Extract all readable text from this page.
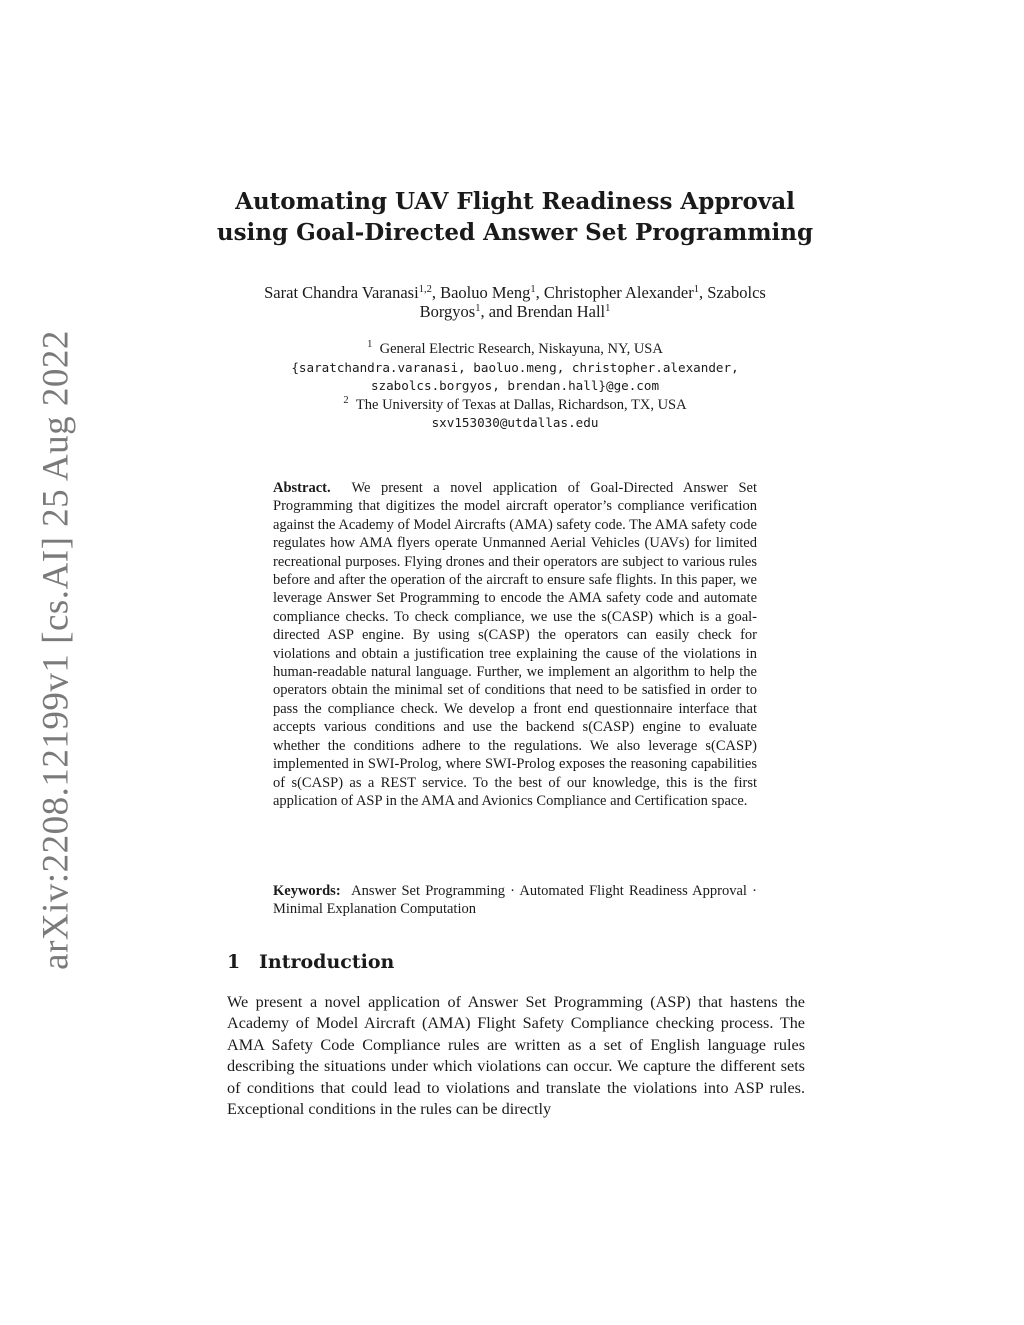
arXiv:2208.12199v1 [cs.AI] 25 Aug 2022
Automating UAV Flight Readiness Approval
using Goal-Directed Answer Set Programming
Sarat Chandra Varanasi$^{1,2}$, Baoluo Meng$^1$, Christopher Alexander$^1$, Szabolcs
Borgyos$^1$, and Brendan Hall$^1$
$^1$ General Electric Research, Niskayuna, NY, USA
{saratchandra.varanasi, baoluo.meng, christopher.alexander,
szabolcs.borgyos, brendan.hall}@ge.com
$^2$ The University of Texas at Dallas, Richardson, TX, USA
sxv153030@utdallas.edu

Abstract. We present a novel application of Goal-Directed Answer Set Programming that digitizes the model aircraft operator’s compliance verification against the Academy of Model Aircrafts (AMA) safety code. The AMA safety code regulates how AMA flyers operate Unmanned Aerial Vehicles (UAVs) for limited recreational purposes. Flying drones and their operators are subject to various rules before and after the operation of the aircraft to ensure safe flights. In this paper, we leverage Answer Set Programming to encode the AMA safety code and automate compliance checks. To check compliance, we use the s(CASP) which is a goal-directed ASP engine. By using s(CASP) the operators can easily check for violations and obtain a justification tree explaining the cause of the violations in human-readable natural language. Further, we implement an algorithm to help the operators obtain the minimal set of conditions that need to be satisfied in order to pass the compliance check. We develop a front end questionnaire interface that accepts various conditions and use the backend s(CASP) engine to evaluate whether the conditions adhere to the regulations. We also leverage s(CASP) implemented in SWI-Prolog, where SWI-Prolog exposes the reasoning capabilities of s(CASP) as a REST service. To the best of our knowledge, this is the first application of ASP in the AMA and Avionics Compliance and Certification space.

Keywords: Answer Set Programming · Automated Flight Readiness Approval · Minimal Explanation Computation

1 Introduction

We present a novel application of Answer Set Programming (ASP) that hastens the Academy of Model Aircraft (AMA) Flight Safety Compliance checking process. The AMA Safety Code Compliance rules are written as a set of English language rules describing the situations under which violations can occur. We capture the different sets of conditions that could lead to violations and translate the violations into ASP rules. Exceptional conditions in the rules can be directly
